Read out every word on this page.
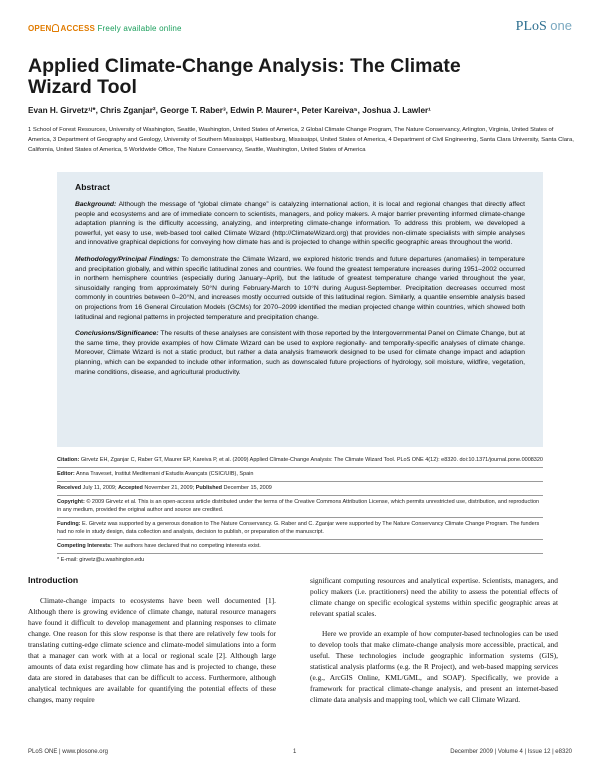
OPEN ACCESS Freely available online	PLoS one
Applied Climate-Change Analysis: The Climate Wizard Tool
Evan H. Girvetz¹ʲ*, Chris Zganjar², George T. Raber³, Edwin P. Maurer⁴, Peter Kareiva⁵, Joshua J. Lawler¹
1 School of Forest Resources, University of Washington, Seattle, Washington, United States of America, 2 Global Climate Change Program, The Nature Conservancy, Arlington, Virginia, United States of America, 3 Department of Geography and Geology, University of Southern Mississippi, Hattiesburg, Mississippi, United States of America, 4 Department of Civil Engineering, Santa Clara University, Santa Clara, California, United States of America, 5 Worldwide Office, The Nature Conservancy, Seattle, Washington, United States of America
Abstract

Background: Although the message of “global climate change” is catalyzing international action, it is local and regional changes that directly affect people and ecosystems and are of immediate concern to scientists, managers, and policy makers. A major barrier preventing informed climate-change adaptation planning is the difficulty accessing, analyzing, and interpreting climate-change information. To address this problem, we developed a powerful, yet easy to use, web-based tool called Climate Wizard (http://ClimateWizard.org) that provides non-climate specialists with simple analyses and innovative graphical depictions for conveying how climate has and is projected to change within specific geographic areas throughout the world.

Methodology/Principal Findings: To demonstrate the Climate Wizard, we explored historic trends and future departures (anomalies) in temperature and precipitation globally, and within specific latitudinal zones and countries. We found the greatest temperature increases during 1951–2002 occurred in northern hemisphere countries (especially during January–April), but the latitude of greatest temperature change varied throughout the year, sinusoidally ranging from approximately 50°N during February-March to 10°N during August-September. Precipitation decreases occurred most commonly in countries between 0–20°N, and increases mostly occurred outside of this latitudinal region. Similarly, a quantile ensemble analysis based on projections from 16 General Circulation Models (GCMs) for 2070–2099 identified the median projected change within countries, which showed both latitudinal and regional patterns in projected temperature and precipitation change.

Conclusions/Significance: The results of these analyses are consistent with those reported by the Intergovernmental Panel on Climate Change, but at the same time, they provide examples of how Climate Wizard can be used to explore regionally- and temporally-specific analyses of climate change. Moreover, Climate Wizard is not a static product, but rather a data analysis framework designed to be used for climate change impact and adaption planning, which can be expanded to include other information, such as downscaled future projections of hydrology, soil moisture, wildfire, vegetation, marine conditions, disease, and agricultural productivity.

Citation: Girvetz EH, Zganjar C, Raber GT, Maurer EP, Kareiva P, et al. (2009) Applied Climate-Change Analysis: The Climate Wizard Tool. PLoS ONE 4(12): e8320. doi:10.1371/journal.pone.0008320
Editor: Anna Traveset, Institut Mediterrani d’Estudis Avançats (CSIC/UIB), Spain
Received July 11, 2009; Accepted November 21, 2009; Published December 15, 2009
Copyright: © 2009 Girvetz et al. This is an open-access article distributed under the terms of the Creative Commons Attribution License, which permits unrestricted use, distribution, and reproduction in any medium, provided the original author and source are credited.
Funding: E. Girvetz was supported by a generous donation to The Nature Conservancy. G. Raber and C. Zganjar were supported by The Nature Conservancy Climate Change Program. The funders had no role in study design, data collection and analysis, decision to publish, or preparation of the manuscript.
Competing Interests: The authors have declared that no competing interests exist.
* E-mail: girvetz@u.washington.edu
Introduction

Climate-change impacts to ecosystems have been well documented [1]. Although there is growing evidence of climate change, natural resource managers have found it difficult to develop management and planning responses to climate change. One reason for this slow response is that there are relatively few tools for translating cutting-edge climate science and climate-model simulations into a form that a manager can work with at a local or regional scale [2]. Although large amounts of data exist regarding how climate has and is projected to change, these data are stored in databases that can be difficult to access. Furthermore, although analytical techniques are available for quantifying the potential effects of these changes, many require

significant computing resources and analytical expertise. Scientists, managers, and policy makers (i.e. practitioners) need the ability to assess the potential effects of climate change on specific ecological systems within specific geographic areas at relevant spatial scales.

Here we provide an example of how computer-based technologies can be used to develop tools that make climate-change analysis more accessible, practical, and useful. These technologies include geographic information systems (GIS), statistical analysis platforms (e.g. the R Project), and web-based mapping services (e.g., ArcGIS Online, KML/GML, and SOAP). Specifically, we provide a framework for practical climate-change analysis, and present an internet-based climate data analysis and mapping tool, which we call Climate Wizard.

PLoS ONE | www.plosone.org	1	December 2009 | Volume 4 | Issue 12 | e8320
